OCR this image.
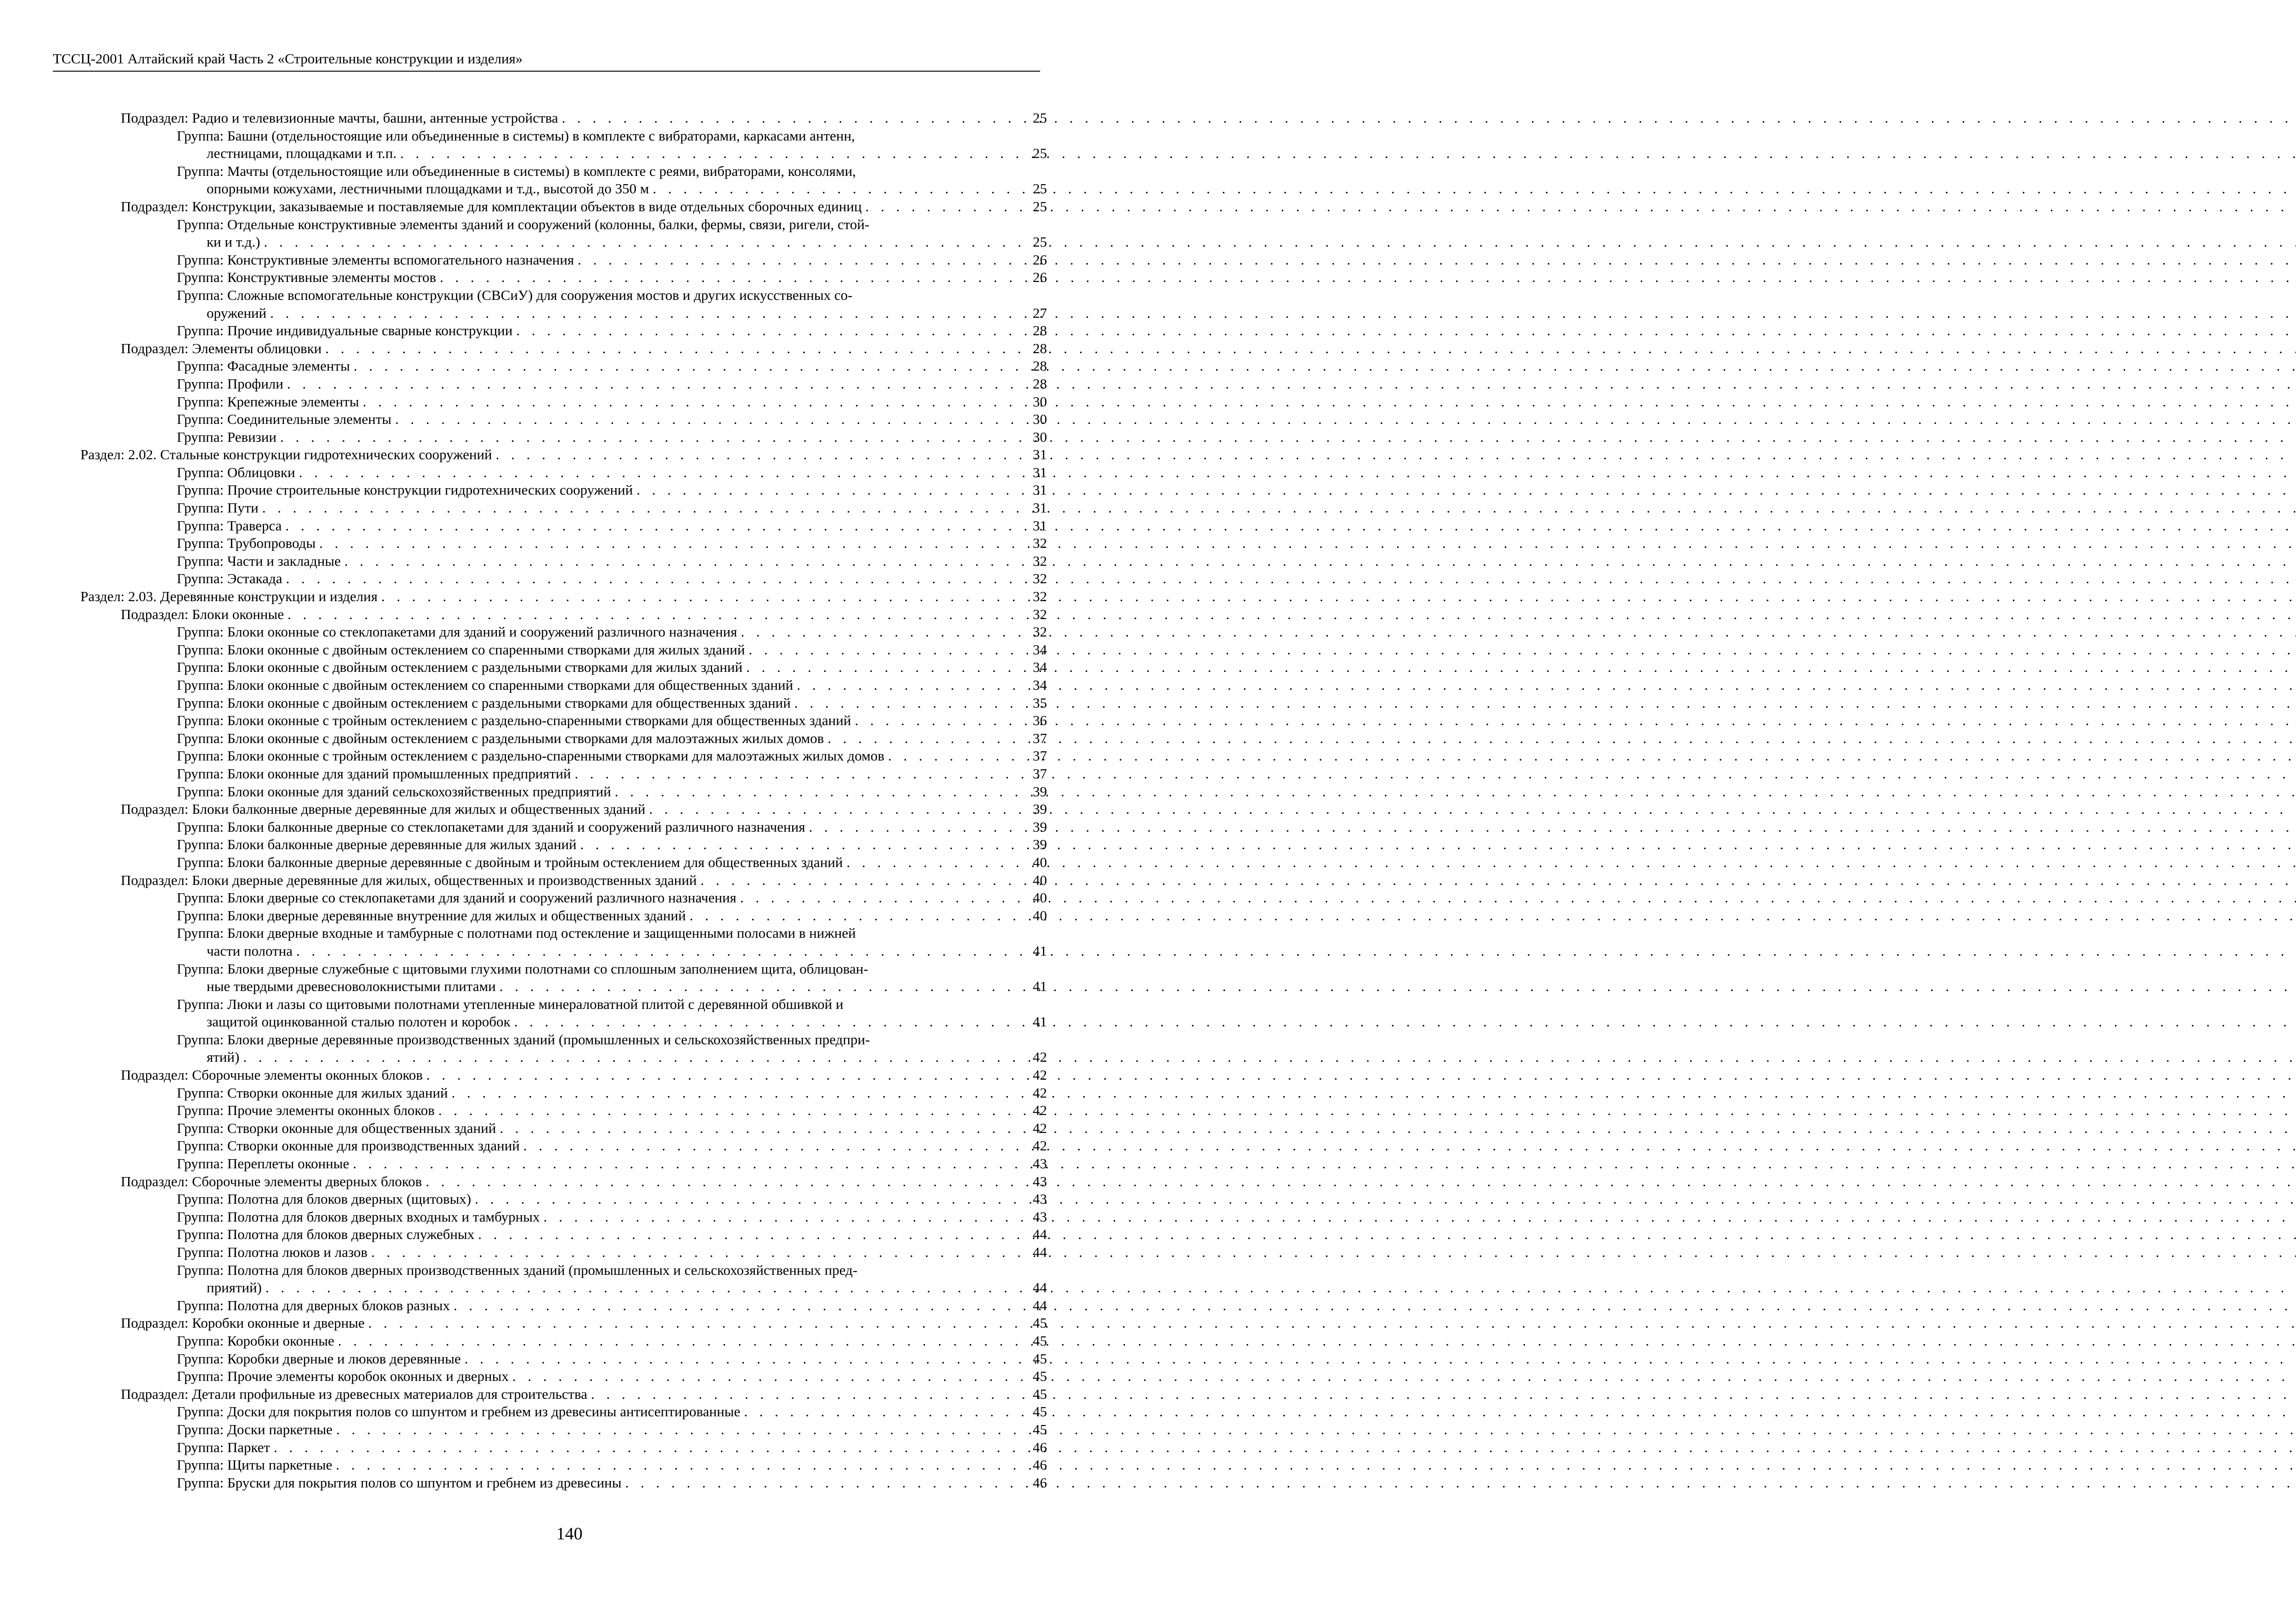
ТССЦ-2001 Алтайский край Часть 2 «Строительные конструкции и изделия»
Подраздел: Радио и телевизионные мачты, башни, антенные устройства . . .	25
Группа: Башни (отдельностоящие или объединенные в системы) в комплекте с вибраторами, каркасами антенн,
лестницами, площадками и т.п. . . .	25
Группа: Мачты (отдельностоящие или объединенные в системы) в комплекте с реями, вибраторами, консолями,
опорными кожухами, лестничными площадками и т.д., высотой до 350 м . . .	25
Подраздел: Конструкции, заказываемые и поставляемые для комплектации объектов в виде отдельных сборочных единиц . . .	25
Группа: Отдельные конструктивные элементы зданий и сооружений (колонны, балки, фермы, связи, ригели, стой-
ки и т.д.) . . .	25
Группа: Конструктивные элементы вспомогательного назначения . . .	26
Группа: Конструктивные элементы мостов . . .	26
Группа: Сложные вспомогательные конструкции (СВСиУ) для сооружения мостов и других искусственных со-
оружений . . .	27
Группа: Прочие индивидуальные сварные конструкции . . .	28
Подраздел: Элементы облицовки . . .	28
Группа: Фасадные элементы . . .	28
Группа: Профили . . .	28
Группа: Крепежные элементы . . .	30
Группа: Соединительные элементы . . .	30
Группа: Ревизии . . .	30
Раздел: 2.02. Стальные конструкции гидротехнических сооружений . . .	31
Группа: Облицовки . . .	31
Группа: Прочие строительные конструкции гидротехнических сооружений . . .	31
Группа: Пути . . .	31
Группа: Траверса . . .	31
Группа: Трубопроводы . . .	32
Группа: Части и закладные . . .	32
Группа: Эстакада . . .	32
Раздел: 2.03. Деревянные конструкции и изделия . . .	32
Подраздел: Блоки оконные . . .	32
Группа: Блоки оконные со стеклопакетами для зданий и сооружений различного назначения . . .	32
Группа: Блоки оконные с двойным остеклением со спаренными створками для жилых зданий . . .	34
Группа: Блоки оконные с двойным остеклением с раздельными створками для жилых зданий . . .	34
Группа: Блоки оконные с двойным остеклением со спаренными створками для общественных зданий . . .	34
Группа: Блоки оконные с двойным остеклением с раздельными створками для общественных зданий . . .	35
Группа: Блоки оконные с тройным остеклением с раздельно-спаренными створками для общественных зданий . . .	36
Группа: Блоки оконные с двойным остеклением с раздельными створками для малоэтажных жилых домов . . .	37
Группа: Блоки оконные с тройным остеклением с раздельно-спаренными створками для малоэтажных жилых домов . . .	37
Группа: Блоки оконные для зданий промышленных предприятий . . .	37
Группа: Блоки оконные для зданий сельскохозяйственных предприятий . . .	39
Подраздел: Блоки балконные дверные деревянные для жилых и общественных зданий . . .	39
Группа: Блоки балконные дверные со стеклопакетами для зданий и сооружений различного назначения . . .	39
Группа: Блоки балконные дверные деревянные для жилых зданий . . .	39
Группа: Блоки балконные дверные деревянные с двойным и тройным остеклением для общественных зданий . . .	40
Подраздел: Блоки дверные деревянные для жилых, общественных и производственных зданий . . .	40
Группа: Блоки дверные со стеклопакетами для зданий и сооружений различного назначения . . .	40
Группа: Блоки дверные деревянные внутренние для жилых и общественных зданий . . .	40
Группа: Блоки дверные входные и тамбурные с полотнами под остекление и защищенными полосами в нижней
части полотна . . .	41
Группа: Блоки дверные служебные с щитовыми глухими полотнами со сплошным заполнением щита, облицован-
ные твердыми древесноволокнистыми плитами . . .	41
Группа: Люки и лазы со щитовыми полотнами утепленные минераловатной плитой с деревянной обшивкой и
защитой оцинкованной сталью полотен и коробок . . .	41
Группа: Блоки дверные деревянные производственных зданий (промышленных и сельскохозяйственных предпри-
ятий) . . .	42
Подраздел: Сборочные элементы оконных блоков . . .	42
Группа: Створки оконные для жилых зданий . . .	42
Группа: Прочие элементы оконных блоков . . .	42
Группа: Створки оконные для общественных зданий . . .	42
Группа: Створки оконные для производственных зданий . . .	42
Группа: Переплеты оконные . . .	43
Подраздел: Сборочные элементы дверных блоков . . .	43
Группа: Полотна для блоков дверных (щитовых) . . .	43
Группа: Полотна для блоков дверных входных и тамбурных . . .	43
Группа: Полотна для блоков дверных служебных . . .	44
Группа: Полотна люков и лазов . . .	44
Группа: Полотна для блоков дверных производственных зданий (промышленных и сельскохозяйственных пред-
приятий) . . .	44
Группа: Полотна для дверных блоков разных . . .	44
Подраздел: Коробки оконные и дверные . . .	45
Группа: Коробки оконные . . .	45
Группа: Коробки дверные и люков деревянные . . .	45
Группа: Прочие элементы коробок оконных и дверных . . .	45
Подраздел: Детали профильные из древесных материалов для строительства . . .	45
Группа: Доски для покрытия полов со шпунтом и гребнем из древесины антисептированные . . .	45
Группа: Доски паркетные . . .	45
Группа: Паркет . . .	46
Группа: Щиты паркетные . . .	46
Группа: Бруски для покрытия полов со шпунтом и гребнем из древесины . . .	46
140
